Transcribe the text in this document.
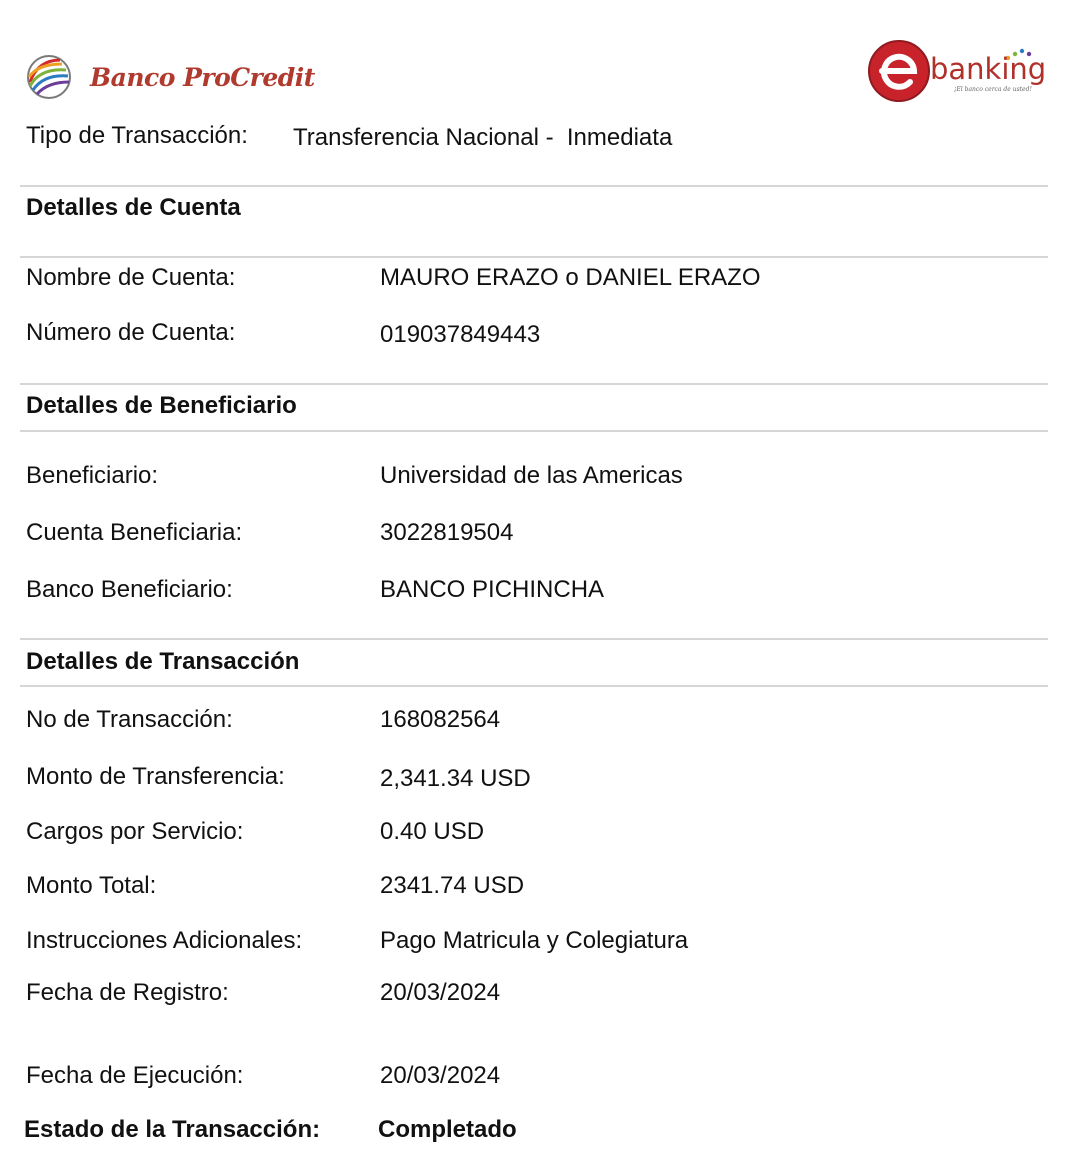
Banco ProCredit	banking
¡El banco cerca de usted!
Tipo de Transacción: Transferencia Nacional -  Inmediata
Detalles de Cuenta
Nombre de Cuenta:	MAURO ERAZO o DANIEL ERAZO
Número de Cuenta:	019037849443
Detalles de Beneficiario
Beneficiario:	Universidad de las Americas
Cuenta Beneficiaria:	3022819504
Banco Beneficiario:	BANCO PICHINCHA
Detalles de Transacción
No de Transacción:	168082564
Monto de Transferencia:	2,341.34 USD
Cargos por Servicio:	0.40 USD
Monto Total:	2341.74 USD
Instrucciones Adicionales:	Pago Matricula y Colegiatura
Fecha de Registro:	20/03/2024
Fecha de Ejecución:	20/03/2024
Estado de la Transacción: Completado
